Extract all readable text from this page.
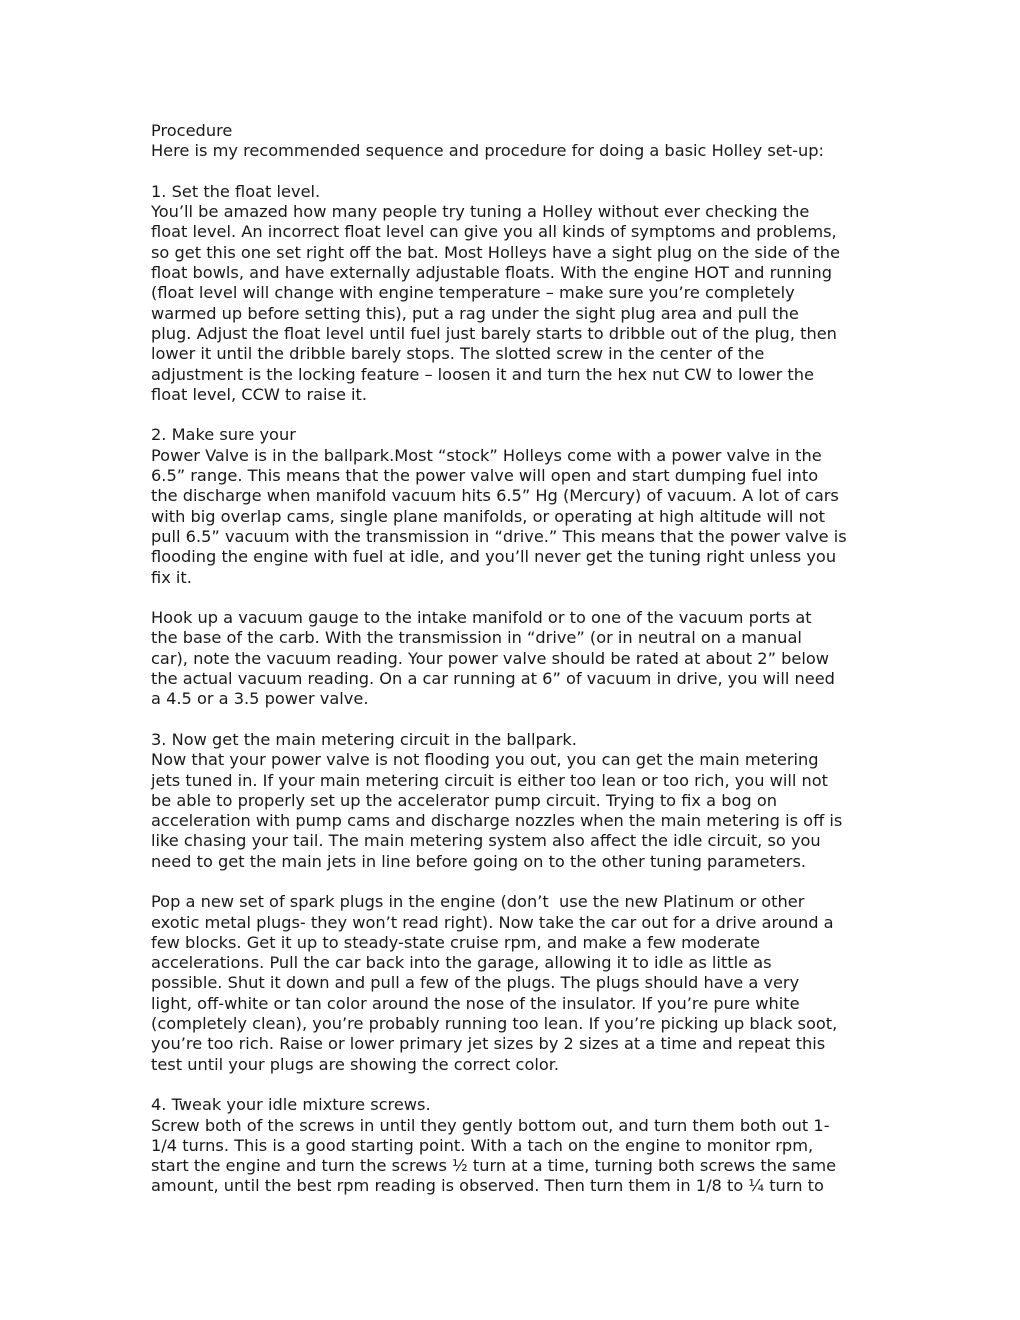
Procedure
Here is my recommended sequence and procedure for doing a basic Holley set-up:
1. Set the float level.
You’ll be amazed how many people try tuning a Holley without ever checking the
float level. An incorrect float level can give you all kinds of symptoms and problems,
so get this one set right off the bat. Most Holleys have a sight plug on the side of the
float bowls, and have externally adjustable floats. With the engine HOT and running
(float level will change with engine temperature – make sure you’re completely
warmed up before setting this), put a rag under the sight plug area and pull the
plug. Adjust the float level until fuel just barely starts to dribble out of the plug, then
lower it until the dribble barely stops. The slotted screw in the center of the
adjustment is the locking feature – loosen it and turn the hex nut CW to lower the
float level, CCW to raise it.
2. Make sure your
Power Valve is in the ballpark.Most “stock” Holleys come with a power valve in the
6.5” range. This means that the power valve will open and start dumping fuel into
the discharge when manifold vacuum hits 6.5” Hg (Mercury) of vacuum. A lot of cars
with big overlap cams, single plane manifolds, or operating at high altitude will not
pull 6.5” vacuum with the transmission in “drive.” This means that the power valve is
flooding the engine with fuel at idle, and you’ll never get the tuning right unless you
fix it.
Hook up a vacuum gauge to the intake manifold or to one of the vacuum ports at
the base of the carb. With the transmission in “drive” (or in neutral on a manual
car), note the vacuum reading. Your power valve should be rated at about 2” below
the actual vacuum reading. On a car running at 6” of vacuum in drive, you will need
a 4.5 or a 3.5 power valve.
3. Now get the main metering circuit in the ballpark.
Now that your power valve is not flooding you out, you can get the main metering
jets tuned in. If your main metering circuit is either too lean or too rich, you will not
be able to properly set up the accelerator pump circuit. Trying to fix a bog on
acceleration with pump cams and discharge nozzles when the main metering is off is
like chasing your tail. The main metering system also affect the idle circuit, so you
need to get the main jets in line before going on to the other tuning parameters.
Pop a new set of spark plugs in the engine (don’t  use the new Platinum or other
exotic metal plugs- they won’t read right). Now take the car out for a drive around a
few blocks. Get it up to steady-state cruise rpm, and make a few moderate
accelerations. Pull the car back into the garage, allowing it to idle as little as
possible. Shut it down and pull a few of the plugs. The plugs should have a very
light, off-white or tan color around the nose of the insulator. If you’re pure white
(completely clean), you’re probably running too lean. If you’re picking up black soot,
you’re too rich. Raise or lower primary jet sizes by 2 sizes at a time and repeat this
test until your plugs are showing the correct color.
4. Tweak your idle mixture screws.
Screw both of the screws in until they gently bottom out, and turn them both out 1-
1/4 turns. This is a good starting point. With a tach on the engine to monitor rpm,
start the engine and turn the screws ½ turn at a time, turning both screws the same
amount, until the best rpm reading is observed. Then turn them in 1/8 to ¼ turn to
